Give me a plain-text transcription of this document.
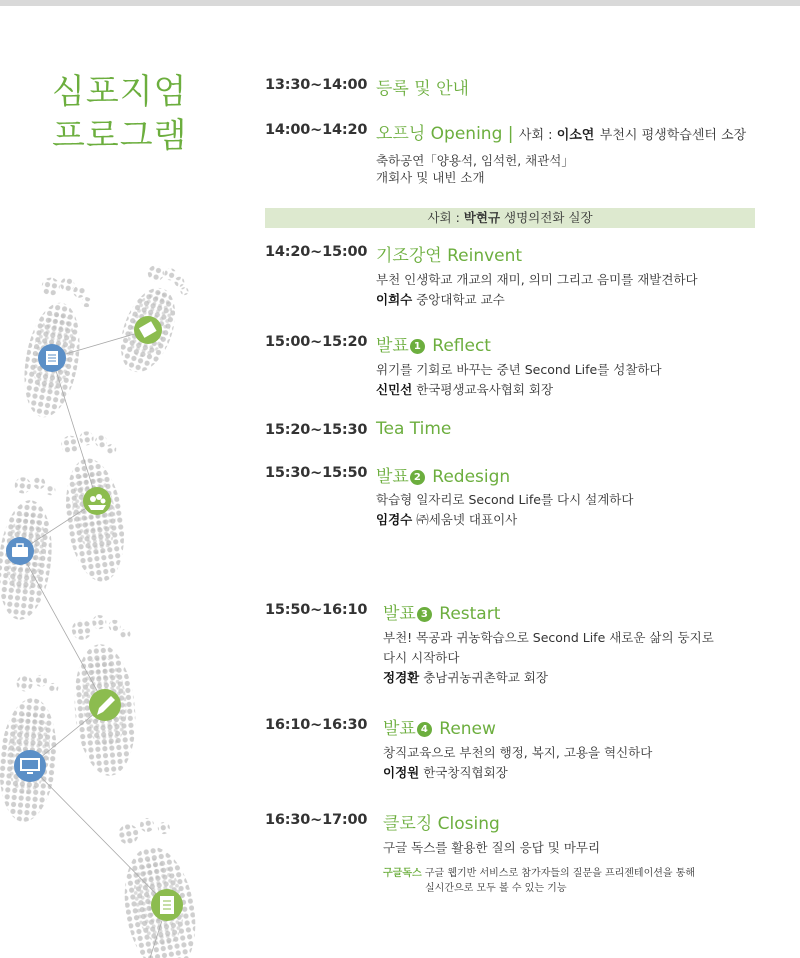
심포지엄
프로그램
13:30~14:00 등록 및 안내
14:00~14:20 오프닝 Opening | 사회 : 이소연 부천시 평생학습센터 소장
축하공연「양용석, 임석헌, 채관석」
개회사 및 내빈 소개
사회 : 박현규 생명의전화 실장
14:20~15:00 기조강연 Reinvent
부천 인생학교 개교의 재미, 의미 그리고 음미를 재발견하다
이희수 중앙대학교 교수
15:00~15:20 발표 1 Reflect
위기를 기회로 바꾸는 중년 Second Life를 성찰하다
신민선 한국평생교육사협회 회장
15:20~15:30 Tea Time
15:30~15:50 발표 2 Redesign
학습형 일자리로 Second Life를 다시 설계하다
임경수 ㈜세움넷 대표이사
15:50~16:10 발표 3 Restart
부천! 목공과 귀농학습으로 Second Life 새로운 삶의 둥지로
다시 시작하다
정경환 충남귀농귀촌학교 회장
16:10~16:30 발표 4 Renew
창직교육으로 부천의 행정, 복지, 고용을 혁신하다
이정원 한국창직협회장
16:30~17:00 클로징 Closing
구글 독스를 활용한 질의 응답 및 마무리
구글독스 구글 웹기반 서비스로 참가자들의 질문을 프리젠테이션을 통해
실시간으로 모두 볼 수 있는 기능
